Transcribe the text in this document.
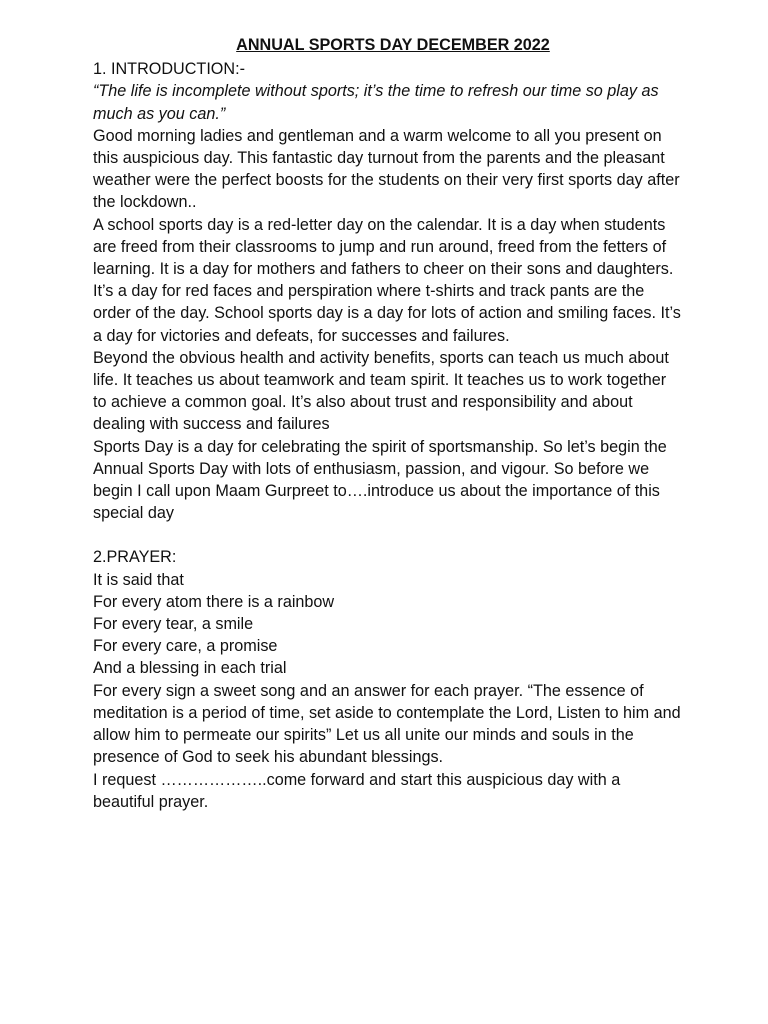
ANNUAL SPORTS DAY DECEMBER 2022

1. INTRODUCTION:-

“The life is incomplete without sports; it’s the time to refresh our time so play as much as you can.”

Good morning ladies and gentleman and a warm welcome to all you present on this auspicious day. This fantastic day turnout from the parents and the pleasant weather were the perfect boosts for the students on their very first sports day after the lockdown..

A school sports day is a red-letter day on the calendar. It is a day when students are freed from their classrooms to jump and run around, freed from the fetters of learning. It is a day for mothers and fathers to cheer on their sons and daughters.

It’s a day for red faces and perspiration where t-shirts and track pants are the order of the day. School sports day is a day for lots of action and smiling faces. It’s a day for victories and defeats, for successes and failures.

Beyond the obvious health and activity benefits, sports can teach us much about life. It teaches us about teamwork and team spirit. It teaches us to work together to achieve a common goal. It’s also about trust and responsibility and about dealing with success and failures

Sports Day is a day for celebrating the spirit of sportsmanship. So let’s begin the Annual Sports Day with lots of enthusiasm, passion, and vigour. So before we begin I call upon Maam Gurpreet to….introduce us about the importance of this special day

2.PRAYER:

It is said that

For every atom there is a rainbow

For every tear, a smile

For every care, a promise

And a blessing in each trial

For every sign a sweet song and an answer for each prayer. “The essence of meditation is a period of time, set aside to contemplate the Lord, Listen to him and allow him to permeate our spirits” Let us all unite our minds and souls in the presence of God to seek his abundant blessings.

I request ………………..come forward and start this auspicious day with a beautiful prayer.
